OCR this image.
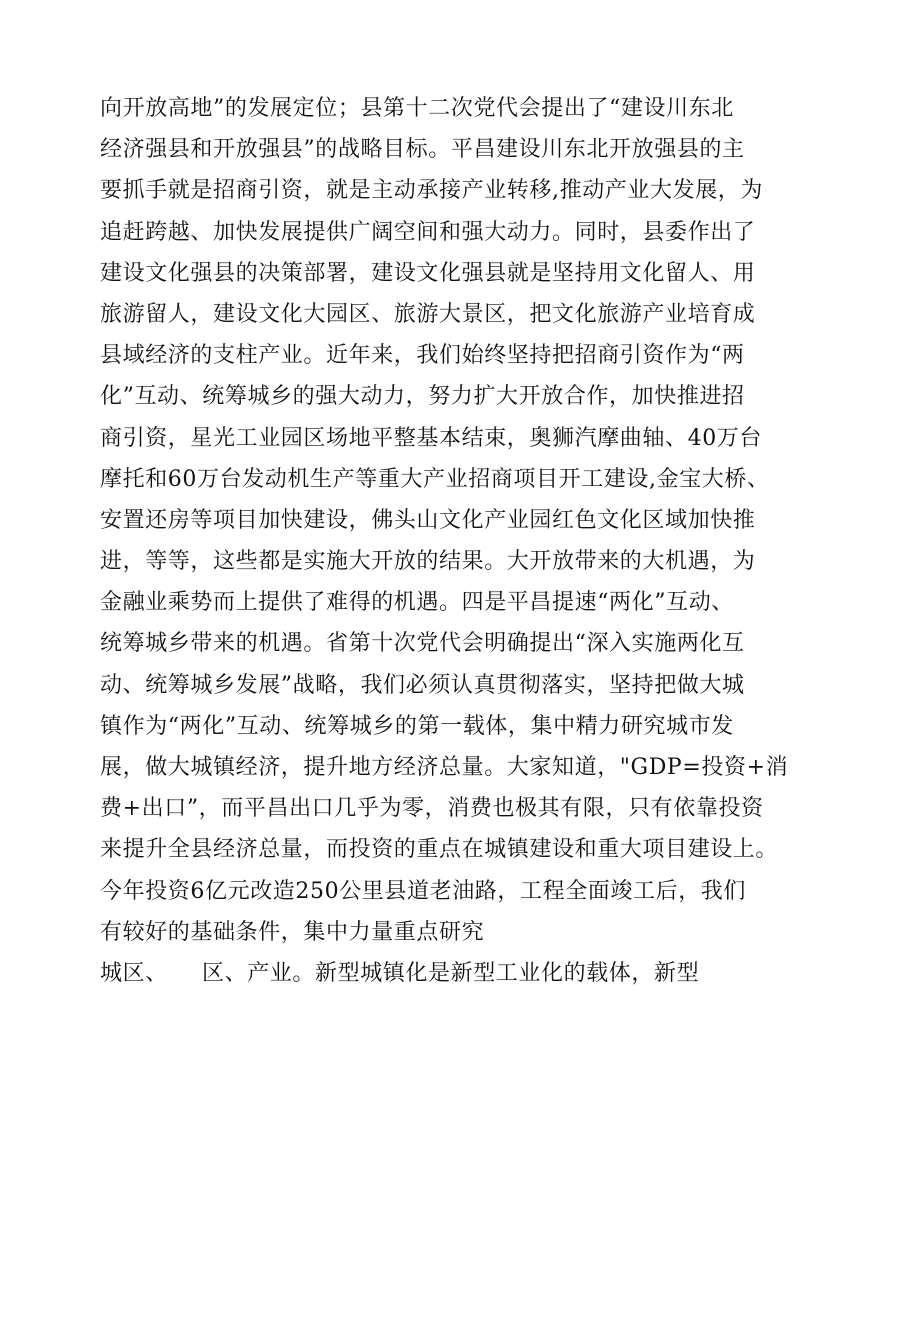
向开放高地”的发展定位；县第十二次党代会提出了“建设川东北
经济强县和开放强县”的战略目标。平昌建设川东北开放强县的主
要抓手就是招商引资，就是主动承接产业转移,推动产业大发展，为
追赶跨越、加快发展提供广阔空间和强大动力。同时，县委作出了
建设文化强县的决策部署，建设文化强县就是坚持用文化留人、用
旅游留人，建设文化大园区、旅游大景区，把文化旅游产业培育成
县域经济的支柱产业。近年来，我们始终坚持把招商引资作为“两
化”互动、统筹城乡的强大动力，努力扩大开放合作，加快推进招
商引资，星光工业园区场地平整基本结束，奥狮汽摩曲轴、40万台
摩托和60万台发动机生产等重大产业招商项目开工建设,金宝大桥、
安置还房等项目加快建设，佛头山文化产业园红色文化区域加快推
进，等等，这些都是实施大开放的结果。大开放带来的大机遇，为
金融业乘势而上提供了难得的机遇。四是平昌提速“两化”互动、
统筹城乡带来的机遇。省第十次党代会明确提出“深入实施两化互
动、统筹城乡发展”战略，我们必须认真贯彻落实，坚持把做大城
镇作为“两化”互动、统筹城乡的第一载体，集中精力研究城市发
展，做大城镇经济，提升地方经济总量。大家知道，"GDP=投资+消
费+出口”，而平昌出口几乎为零，消费也极其有限，只有依靠投资
来提升全县经济总量，而投资的重点在城镇建设和重大项目建设上。
今年投资6亿元改造250公里县道老油路，工程全面竣工后，我们
有较好的基础条件，集中力量重点研究
城区、　　区、产业。新型城镇化是新型工业化的载体，新型
